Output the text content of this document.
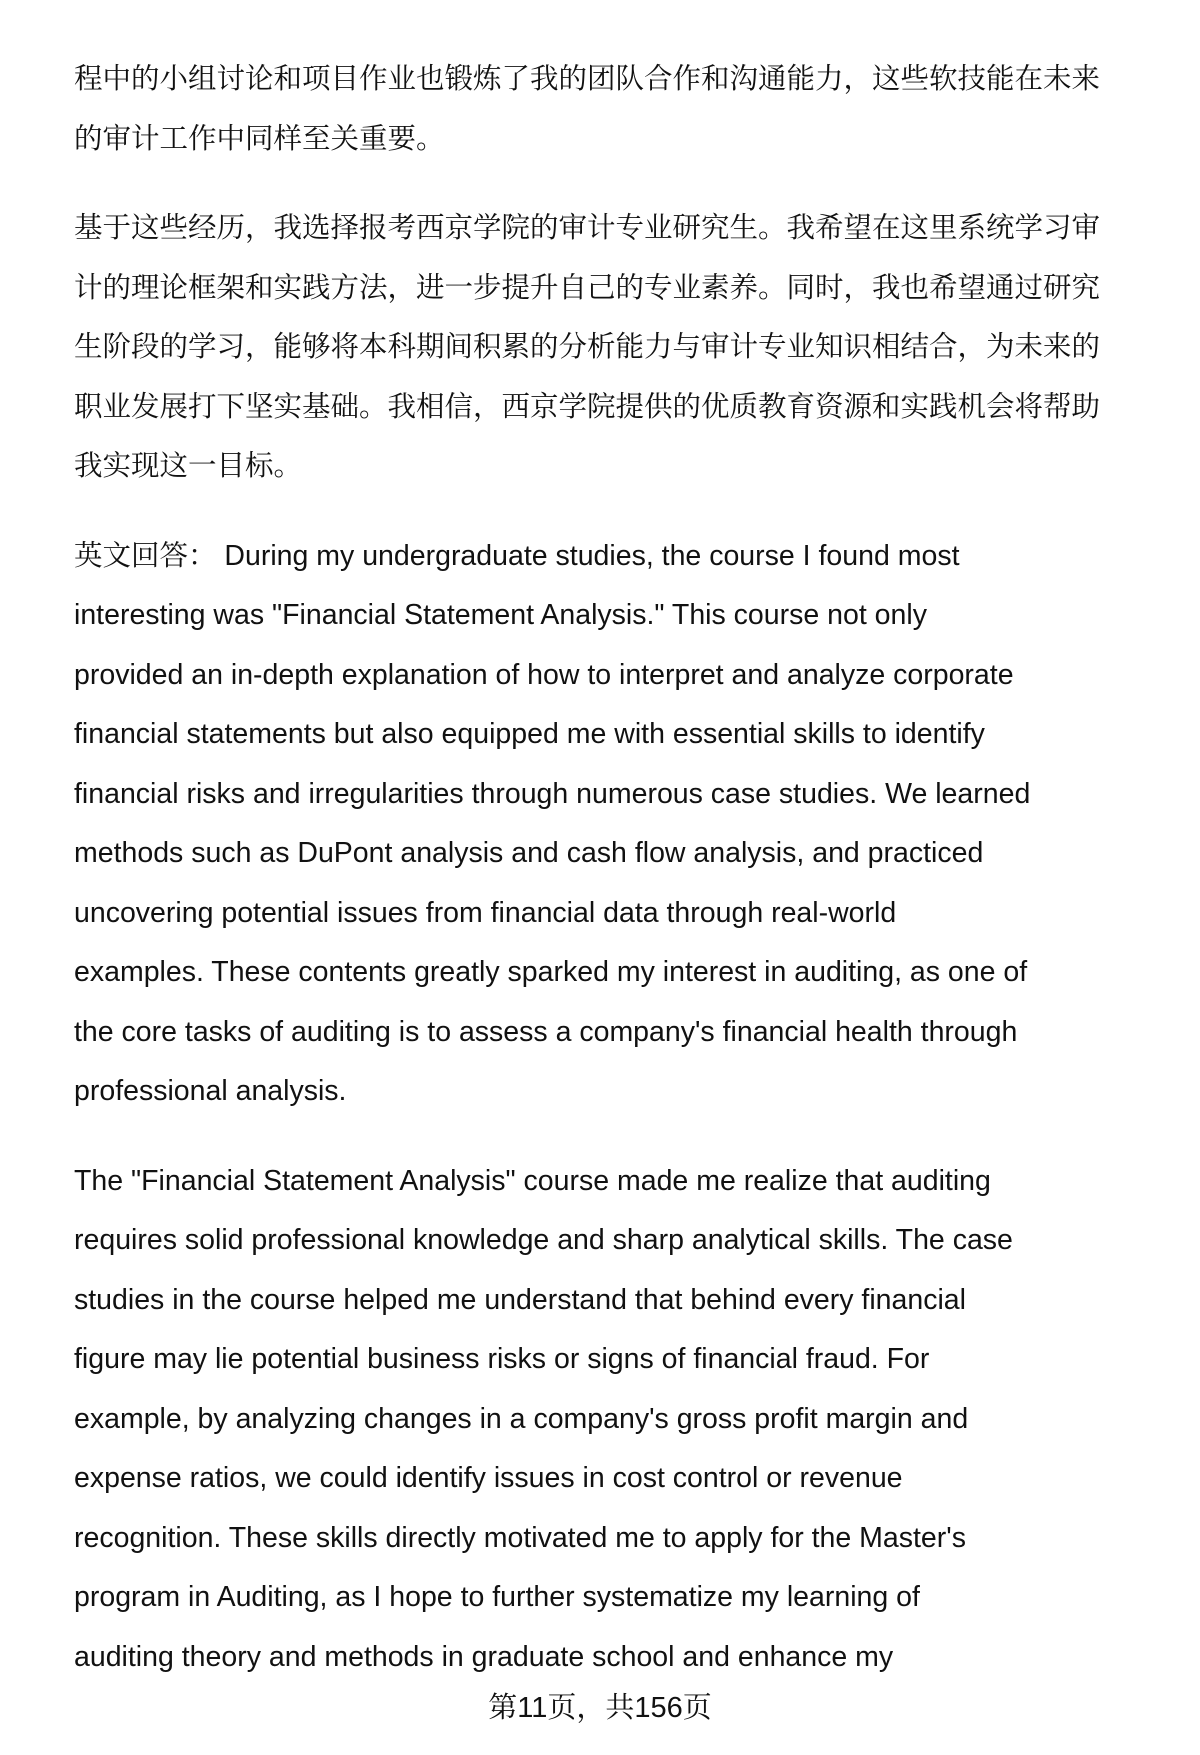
程中的小组讨论和项目作业也锻炼了我的团队合作和沟通能力，这些软技能在未来
的审计工作中同样至关重要。
基于这些经历，我选择报考西京学院的审计专业研究生。我希望在这里系统学习审
计的理论框架和实践方法，进一步提升自己的专业素养。同时，我也希望通过研究
生阶段的学习，能够将本科期间积累的分析能力与审计专业知识相结合，为未来的
职业发展打下坚实基础。我相信，西京学院提供的优质教育资源和实践机会将帮助
我实现这一目标。
英文回答： During my undergraduate studies, the course I found most
interesting was "Financial Statement Analysis." This course not only
provided an in-depth explanation of how to interpret and analyze corporate
financial statements but also equipped me with essential skills to identify
financial risks and irregularities through numerous case studies. We learned
methods such as DuPont analysis and cash flow analysis, and practiced
uncovering potential issues from financial data through real-world
examples. These contents greatly sparked my interest in auditing, as one of
the core tasks of auditing is to assess a company's financial health through
professional analysis.
The "Financial Statement Analysis" course made me realize that auditing
requires solid professional knowledge and sharp analytical skills. The case
studies in the course helped me understand that behind every financial
figure may lie potential business risks or signs of financial fraud. For
example, by analyzing changes in a company's gross profit margin and
expense ratios, we could identify issues in cost control or revenue
recognition. These skills directly motivated me to apply for the Master's
program in Auditing, as I hope to further systematize my learning of
auditing theory and methods in graduate school and enhance my
第11页，共156页
